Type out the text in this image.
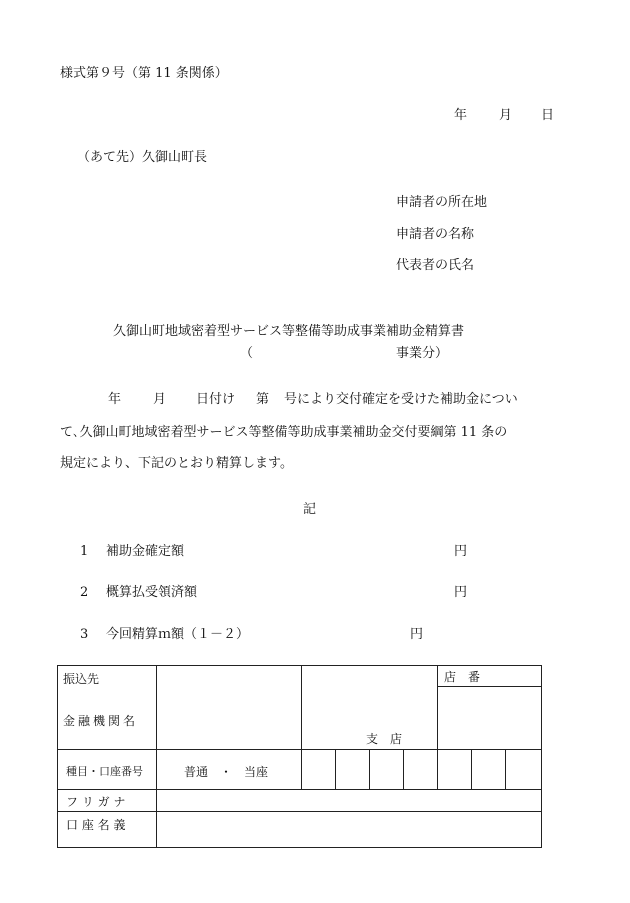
様式第９号（第 11 条関係）
年 月 日
（あて先）久御山町長
申請者の所在地
申請者の名称
代表者の氏名
久御山町地域密着型サービス等整備等助成事業補助金精算書
（	事業分）
年 月 日付け 第 号により交付確定を受けた補助金につい
て､久御山町地域密着型サービス等整備等助成事業補助金交付要綱第 11 条の
規定により、下記のとおり精算します。
記
1 補助金確定額	円
2 概算払受領済額	円
3 今回精算ｍ額（１－２）	円
振込先
金融機関名		支　店				店　番		

種目・口座番号	普通　・　当座							

フ リ ガ ナ								

口 座 名 義								
